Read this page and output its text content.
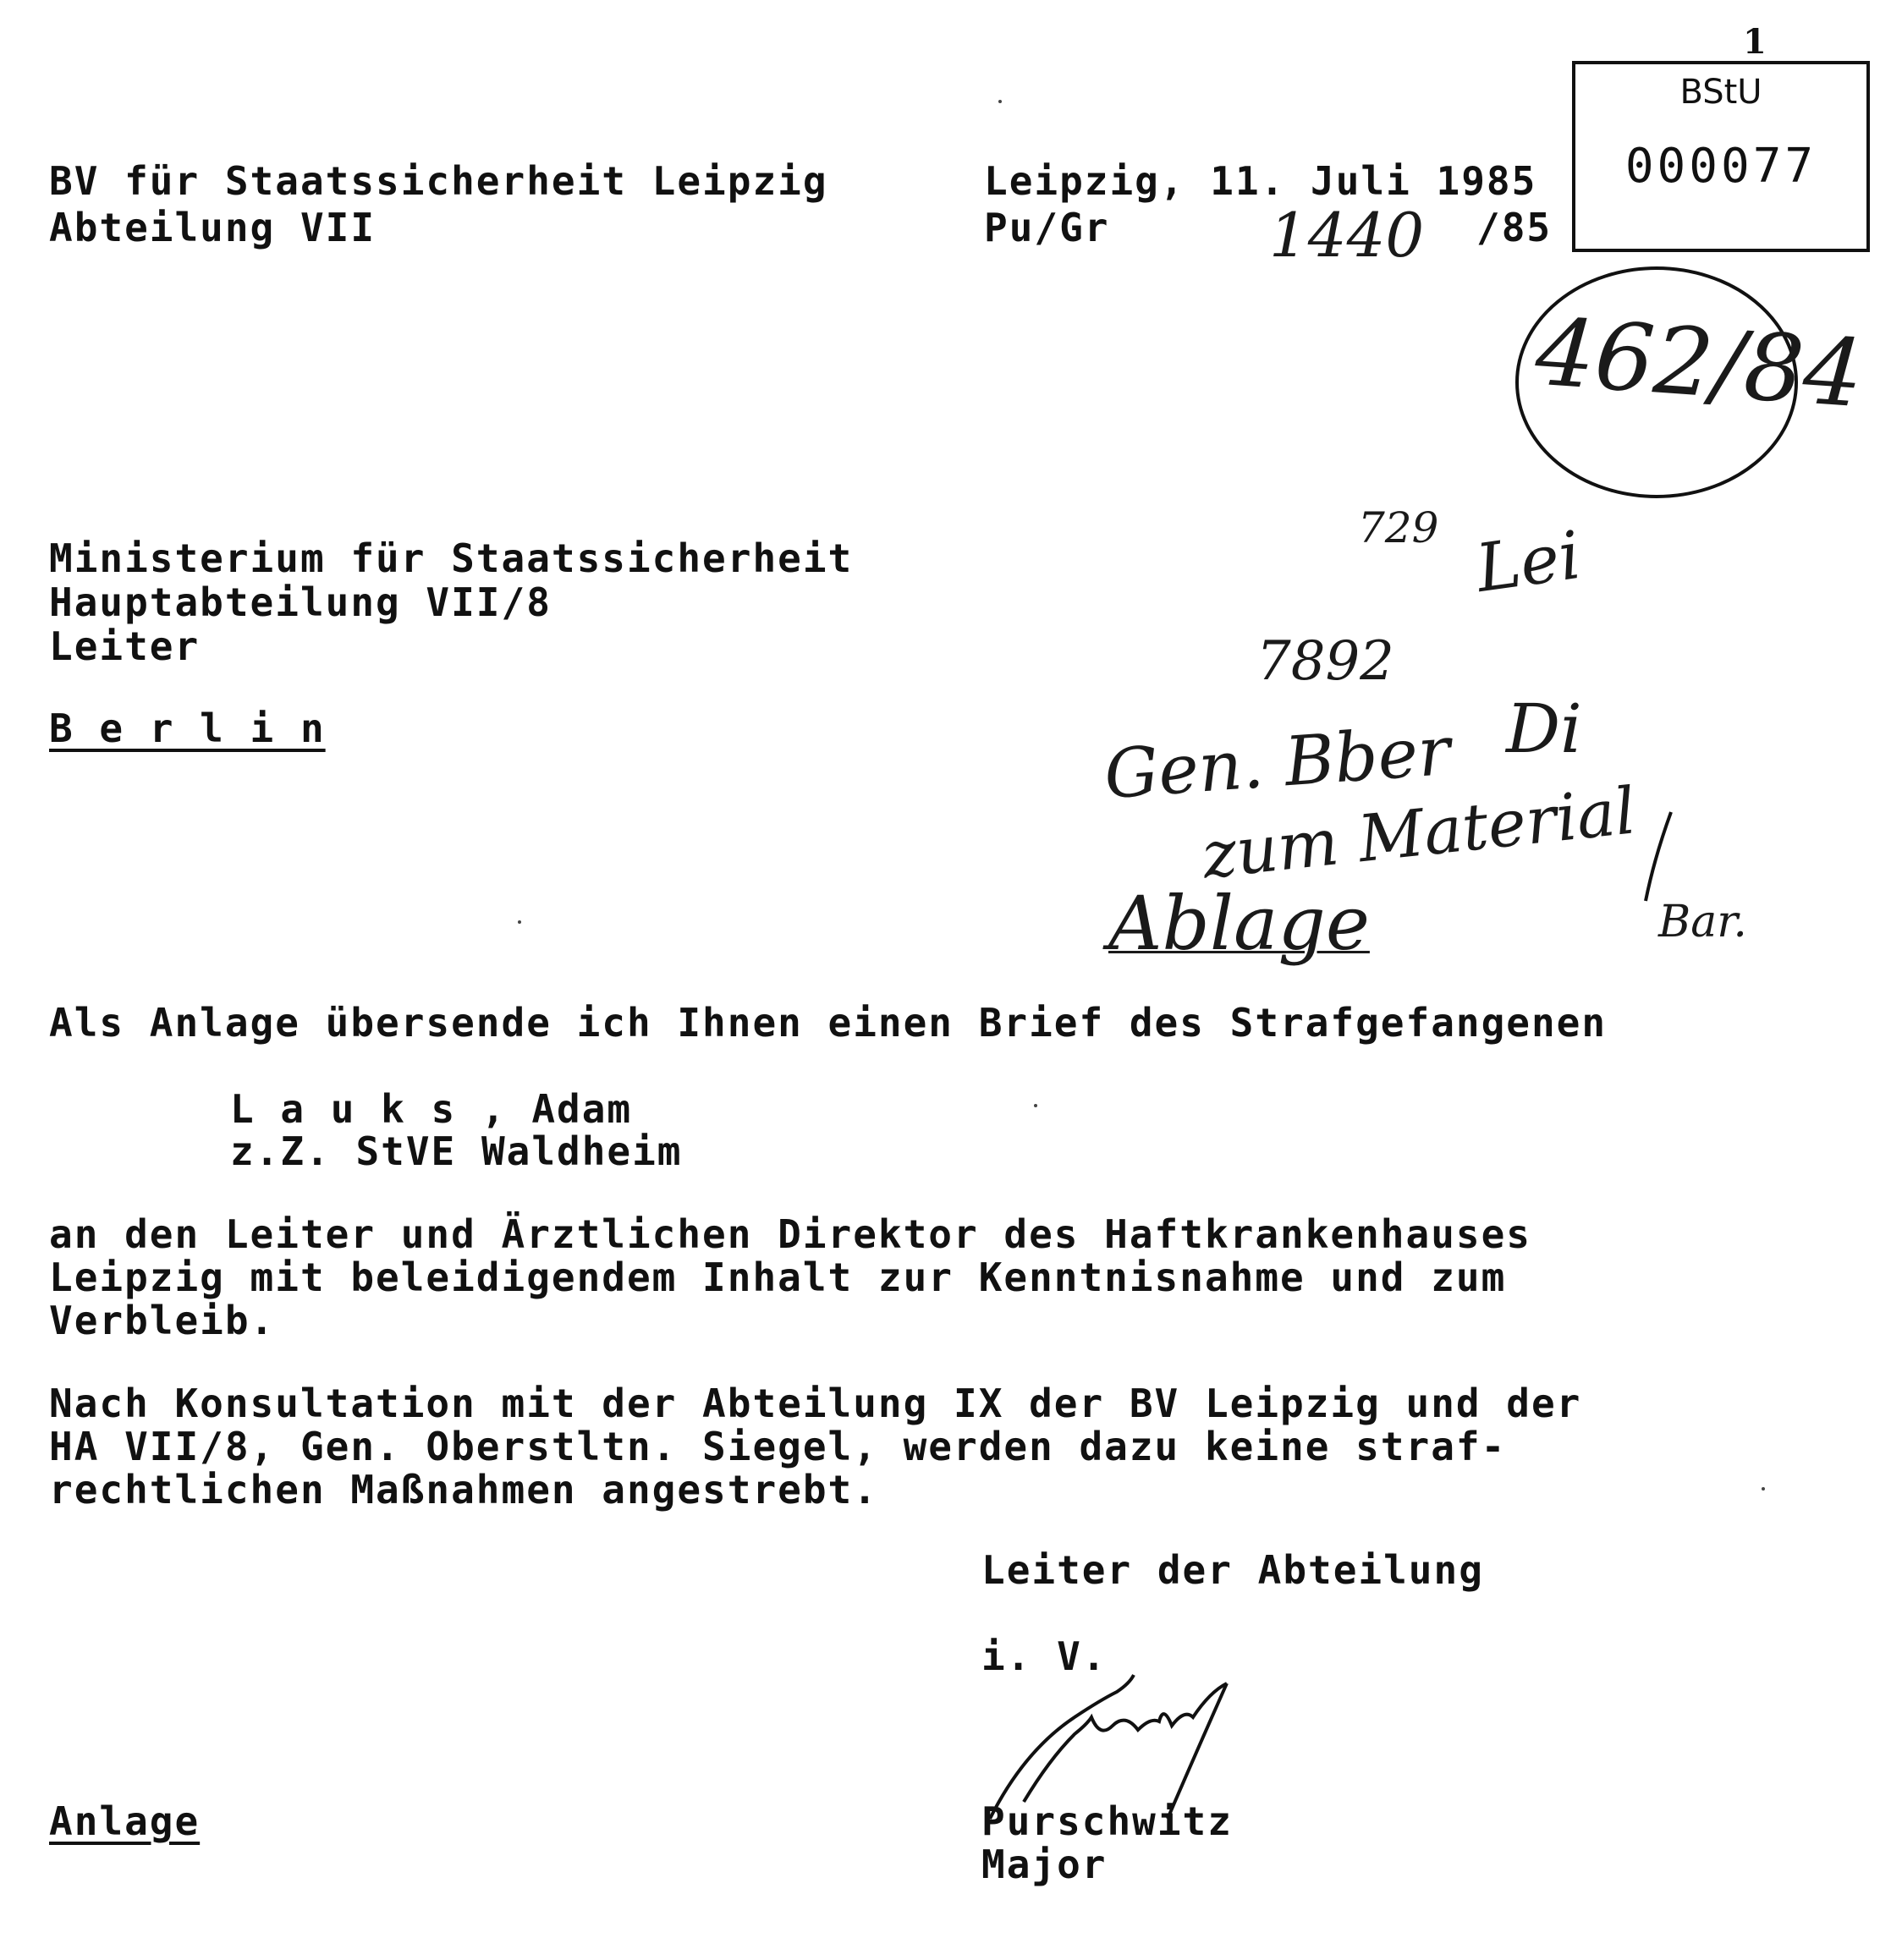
1
BStU
000077
462/84
BV für Staatssicherheit Leipzig
Abteilung VII
Leipzig, 11. Juli 1985
Pu/Gr	1440 /85
Ministerium für Staatssicherheit
Hauptabteilung VII/8
Leiter
B e r l i n
729 Lei
7892
Gen. Bber Di
zum Material
Ablage	Bar.
Als Anlage übersende ich Ihnen einen Brief des Strafgefangenen
L a u k s , Adam
z.Z. StVE Waldheim
an den Leiter und Ärztlichen Direktor des Haftkrankenhauses
Leipzig mit beleidigendem Inhalt zur Kenntnisnahme und zum
Verbleib.
Nach Konsultation mit der Abteilung IX der BV Leipzig und der
HA VII/8, Gen. Oberstltn. Siegel, werden dazu keine straf-
rechtlichen Maßnahmen angestrebt.
Leiter der Abteilung
i. V.
Purschwitz
Major
Anlage
